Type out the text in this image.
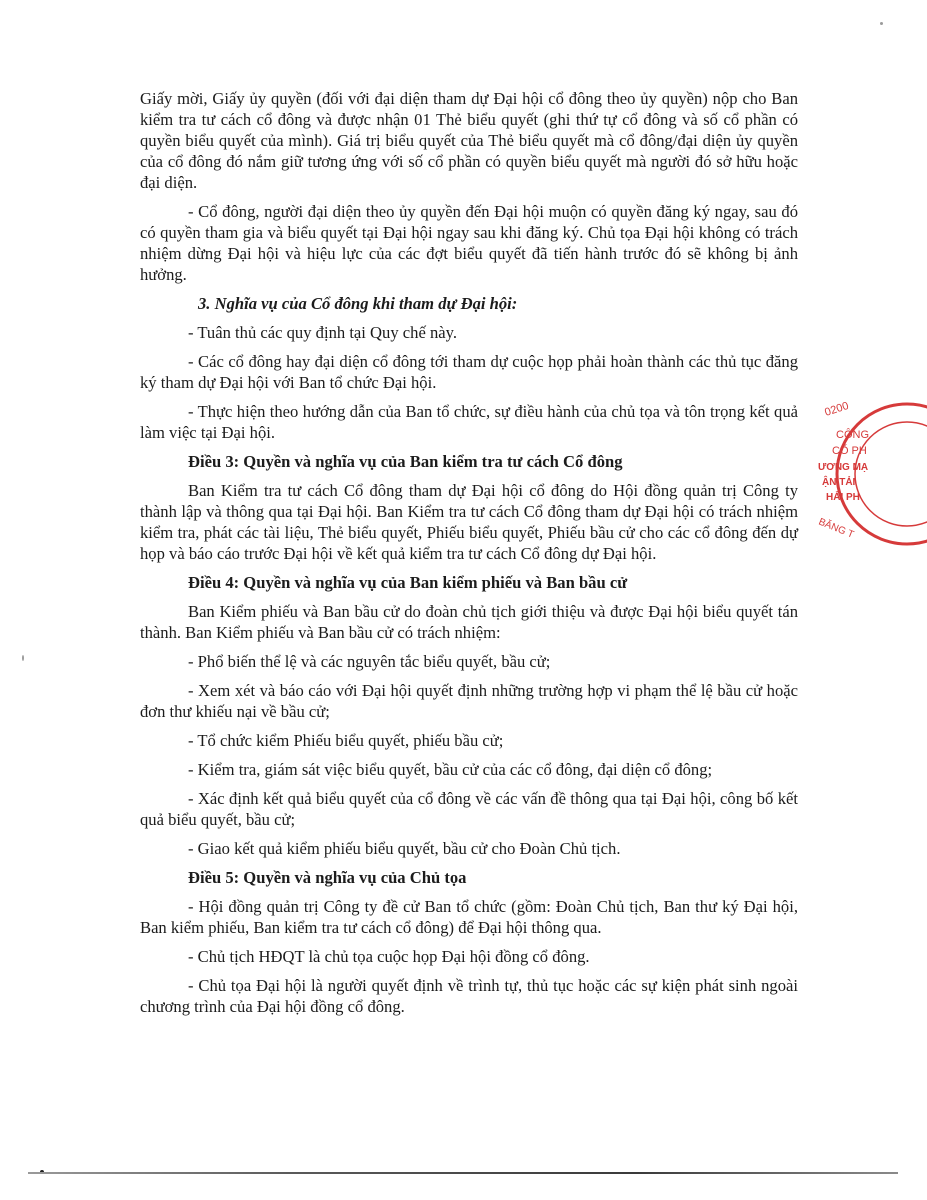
Giấy mời, Giấy ủy quyền (đối với đại diện tham dự Đại hội cổ đông theo ủy quyền) nộp cho Ban kiểm tra tư cách cổ đông và được nhận 01 Thẻ biểu quyết (ghi thứ tự cổ đông và số cổ phần có quyền biểu quyết của mình). Giá trị biểu quyết của Thẻ biểu quyết mà cổ đông/đại diện ủy quyền của cổ đông đó nắm giữ tương ứng với số cổ phần có quyền biểu quyết mà người đó sở hữu hoặc đại diện.

- Cổ đông, người đại diện theo ủy quyền đến Đại hội muộn có quyền đăng ký ngay, sau đó có quyền tham gia và biểu quyết tại Đại hội ngay sau khi đăng ký. Chủ tọa Đại hội không có trách nhiệm dừng Đại hội và hiệu lực của các đợt biểu quyết đã tiến hành trước đó sẽ không bị ảnh hưởng.

3. Nghĩa vụ của Cổ đông khi tham dự Đại hội:

- Tuân thủ các quy định tại Quy chế này.

- Các cổ đông hay đại diện cổ đông tới tham dự cuộc họp phải hoàn thành các thủ tục đăng ký tham dự Đại hội với Ban tổ chức Đại hội.

- Thực hiện theo hướng dẫn của Ban tổ chức, sự điều hành của chủ tọa và tôn trọng kết quả làm việc tại Đại hội.

Điều 3: Quyền và nghĩa vụ của Ban kiểm tra tư cách Cổ đông

Ban Kiểm tra tư cách Cổ đông tham dự Đại hội cổ đông do Hội đồng quản trị Công ty thành lập và thông qua tại Đại hội. Ban Kiểm tra tư cách Cổ đông tham dự Đại hội có trách nhiệm kiểm tra, phát các tài liệu, Thẻ biểu quyết, Phiếu biểu quyết, Phiếu bầu cử cho các cổ đông đến dự họp và báo cáo trước Đại hội về kết quả kiểm tra tư cách Cổ đông dự Đại hội.

Điều 4: Quyền và nghĩa vụ của Ban kiểm phiếu và Ban bầu cử

Ban Kiểm phiếu và Ban bầu cử do đoàn chủ tịch giới thiệu và được Đại hội biểu quyết tán thành. Ban Kiểm phiếu và Ban bầu cử có trách nhiệm:

- Phổ biến thể lệ và các nguyên tắc biểu quyết, bầu cử;

- Xem xét và báo cáo với Đại hội quyết định những trường hợp vi phạm thể lệ bầu cử hoặc đơn thư khiếu nại về bầu cử;

- Tổ chức kiểm Phiếu biểu quyết, phiếu bầu cử;

- Kiểm tra, giám sát việc biểu quyết, bầu cử của các cổ đông, đại diện cổ đông;

- Xác định kết quả biểu quyết của cổ đông về các vấn đề thông qua tại Đại hội, công bố kết quả biểu quyết, bầu cử;

- Giao kết quả kiểm phiếu biểu quyết, bầu cử cho Đoàn Chủ tịch.

Điều 5: Quyền và nghĩa vụ của Chủ tọa

- Hội đồng quản trị Công ty đề cử Ban tổ chức (gồm: Đoàn Chủ tịch, Ban thư ký Đại hội, Ban kiểm phiếu, Ban kiểm tra tư cách cổ đông) để Đại hội thông qua.

- Chủ tịch HĐQT là chủ tọa cuộc họp Đại hội đồng cổ đông.

- Chủ tọa Đại hội là người quyết định về trình tự, thủ tục hoặc các sự kiện phát sinh ngoài chương trình của Đại hội đồng cổ đông.

0200
CÔNG
CỔ PH
ƯƠNG MẠ
ẬN TẢI
HẢI PH
BĂNG T
